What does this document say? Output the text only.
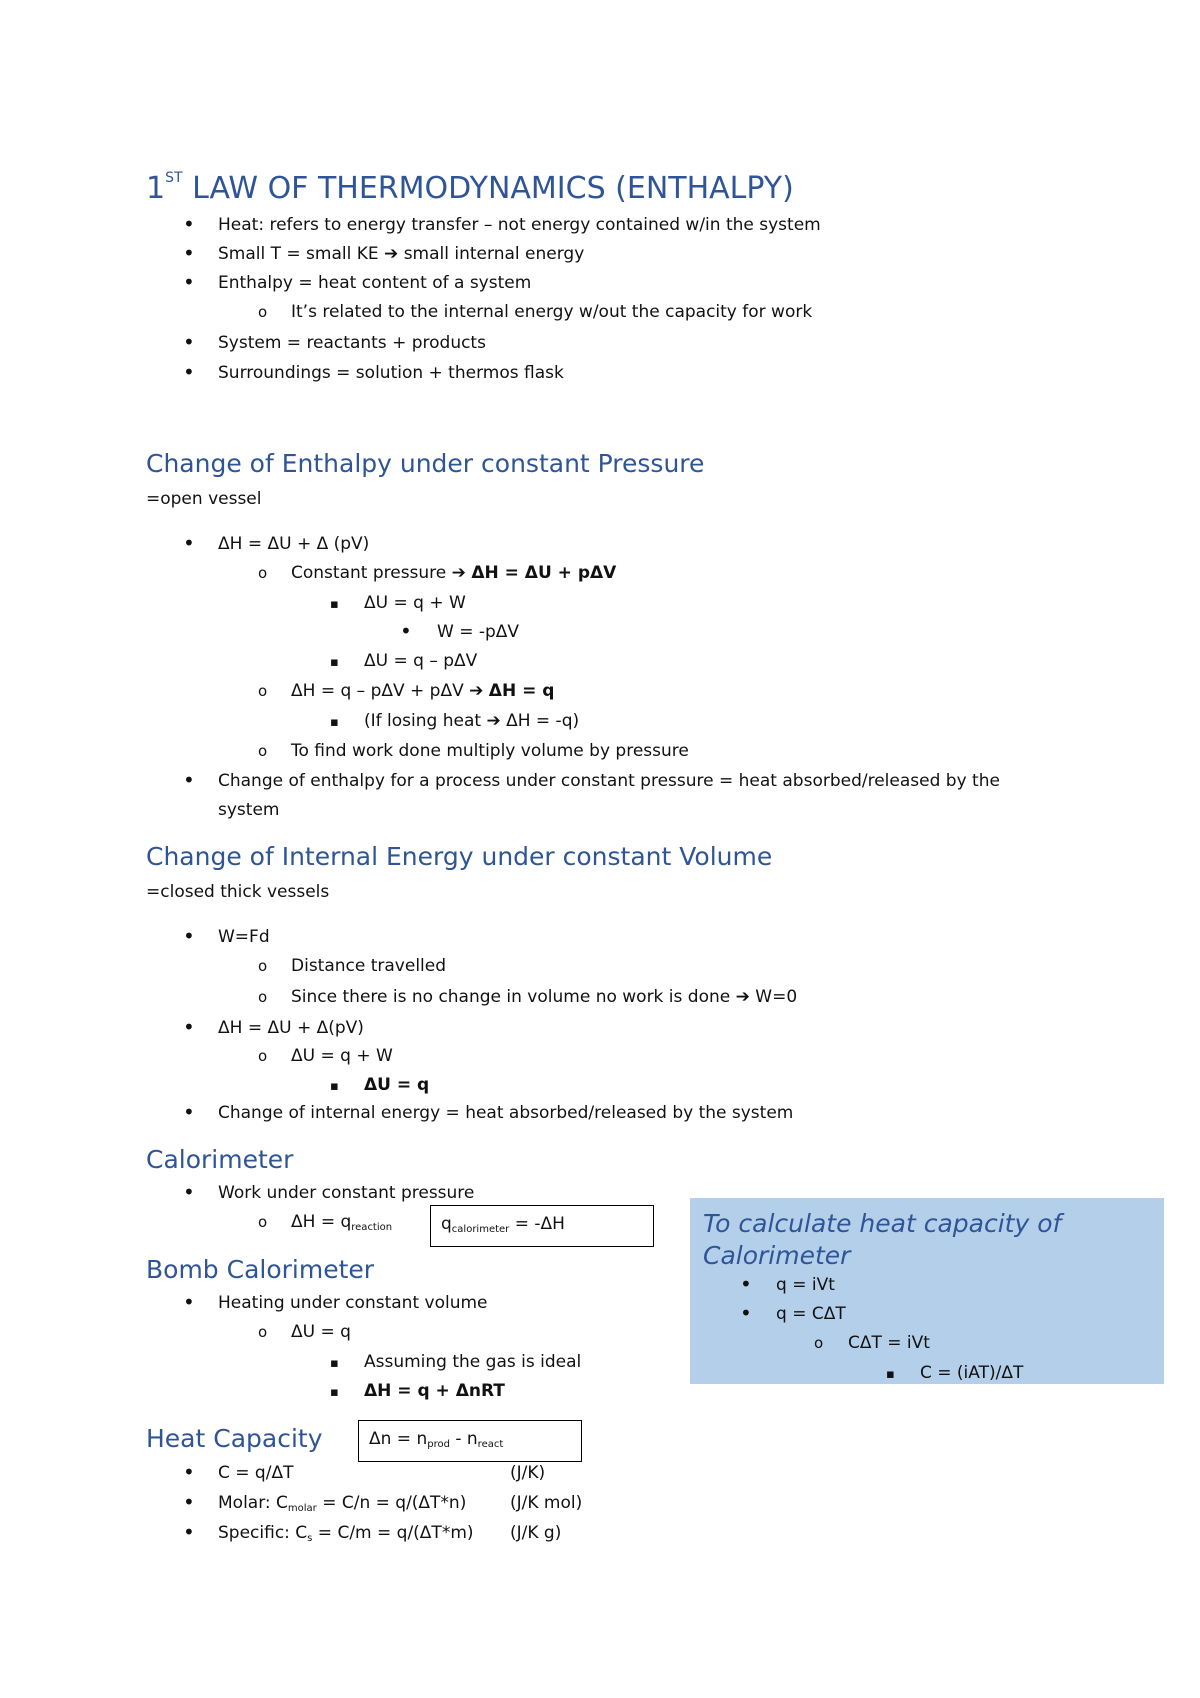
1ST LAW OF THERMODYNAMICS (ENTHALPY)
•
Heat: refers to energy transfer – not energy contained w/in the system
•
Small T = small KE ➔ small internal energy
•
Enthalpy = heat content of a system
o
It’s related to the internal energy w/out the capacity for work
•
System = reactants + products
•
Surroundings = solution + thermos flask
Change of Enthalpy under constant Pressure
=open vessel
•
ΔH = ΔU + Δ (pV)
o
Constant pressure ➔ ΔH = ΔU + pΔV
▪
ΔU = q + W
•
W = -pΔV
▪
ΔU = q – pΔV
o
ΔH = q – pΔV + pΔV ➔ ΔH = q
▪
(If losing heat ➔ ΔH = -q)
o
To find work done multiply volume by pressure
•
Change of enthalpy for a process under constant pressure = heat absorbed/released by the
system
Change of Internal Energy under constant Volume
=closed thick vessels
•
W=Fd
o
Distance travelled
o
Since there is no change in volume no work is done ➔ W=0
•
ΔH = ΔU + Δ(pV)
o
ΔU = q + W
▪
ΔU = q
•
Change of internal energy = heat absorbed/released by the system
Calorimeter
•
Work under constant pressure
o
$\Delta H = q_{reaction}$	$q_{calorimeter} = -\Delta H$
Bomb Calorimeter
•
Heating under constant volume
o
ΔU = q
▪
Assuming the gas is ideal
▪
ΔH = q + ΔnRT
Heat Capacity	$\Delta n = n_{prod} - n_{react}$
•
C = q/ΔT	(J/K)
•
Molar: $C_{molar} = C/n = q/(\Delta T*n)$	(J/K mol)
•
Specific: $C_s = C/m = q/(\Delta T*m)$ (J/K g)
To calculate heat capacity of Calorimeter
•
q = iVt
•
q = CΔT
o
CΔT = iVt
▪
C = (iAT)/ΔT
